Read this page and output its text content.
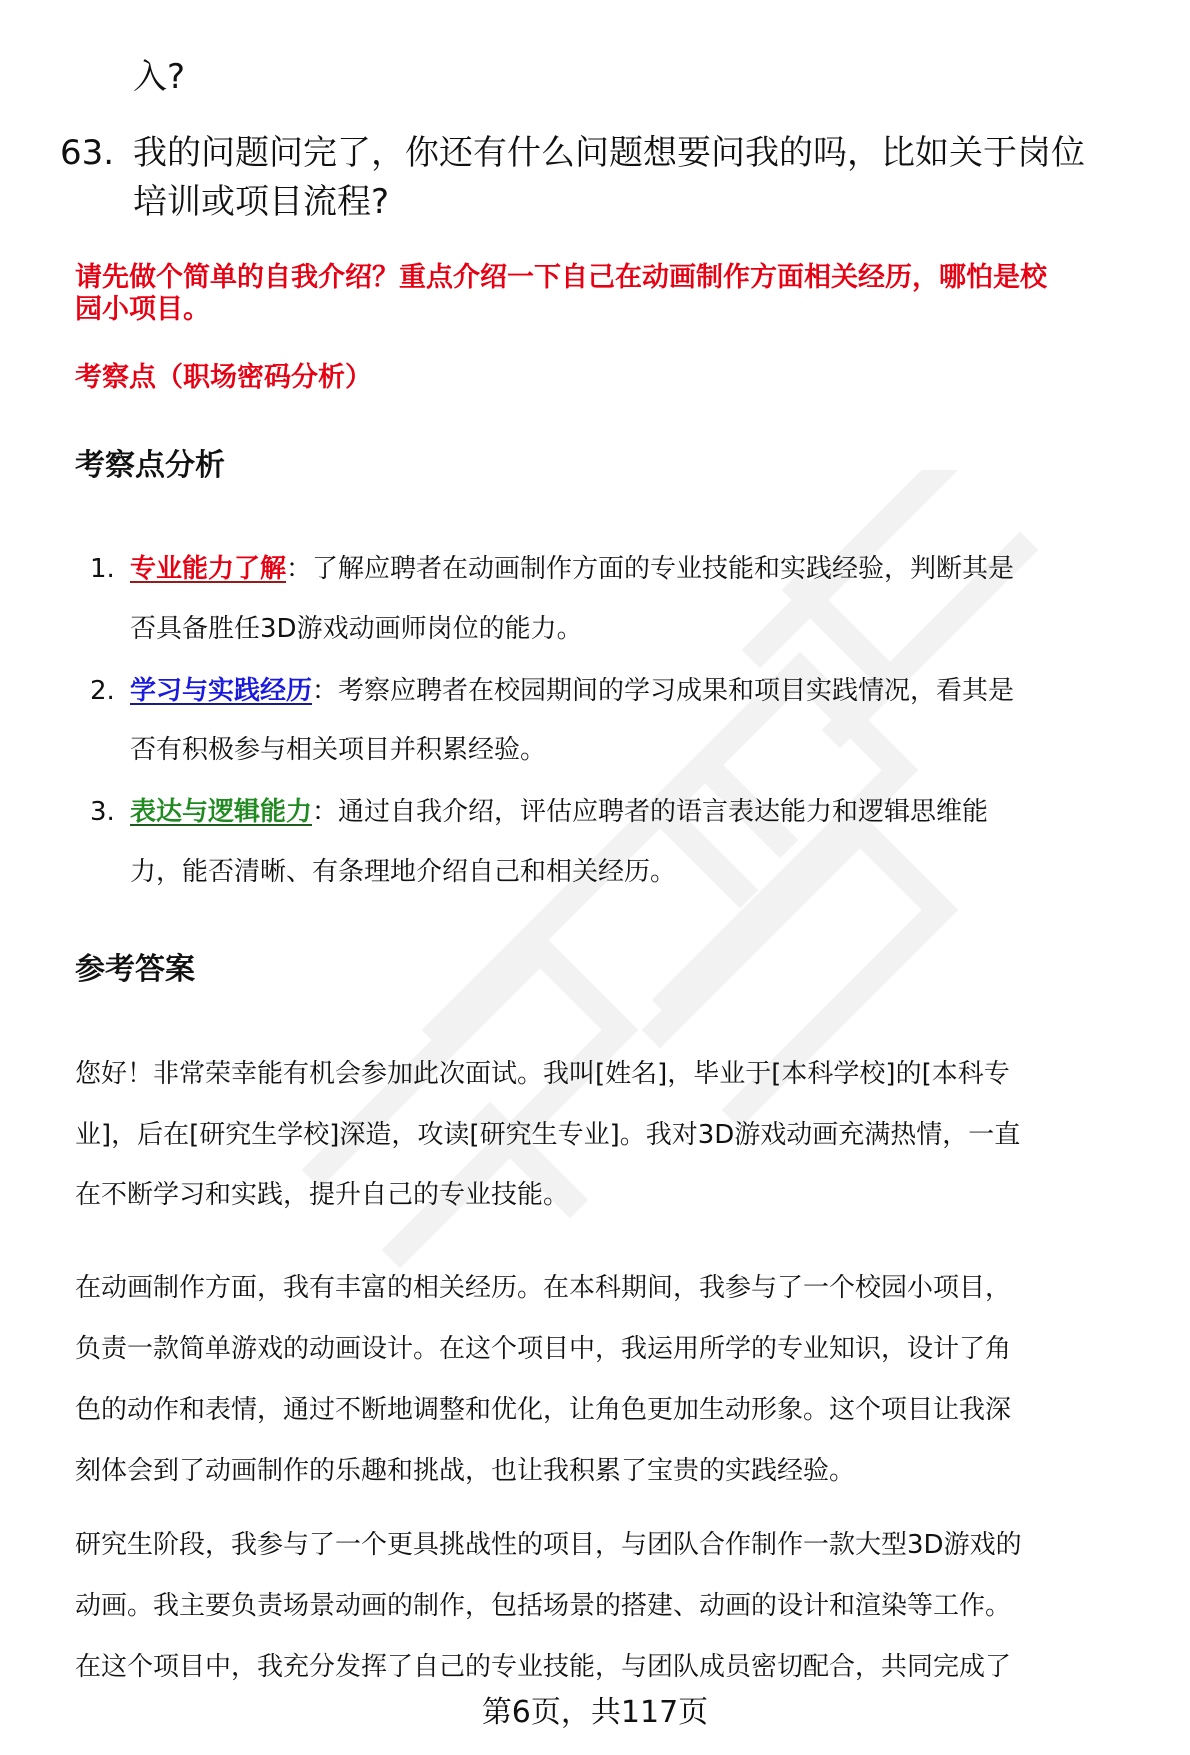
入?
63. 我的问题问完了，你还有什么问题想要问我的吗，比如关于岗位
培训或项目流程?
请先做个简单的自我介绍？重点介绍一下自己在动画制作方面相关经历，哪怕是校
园小项目。
考察点（职场密码分析）
考察点分析
1. 专业能力了解：了解应聘者在动画制作方面的专业技能和实践经验，判断其是
否具备胜任3D游戏动画师岗位的能力。
2. 学习与实践经历：考察应聘者在校园期间的学习成果和项目实践情况，看其是
否有积极参与相关项目并积累经验。
3. 表达与逻辑能力：通过自我介绍，评估应聘者的语言表达能力和逻辑思维能
力，能否清晰、有条理地介绍自己和相关经历。
参考答案
您好！非常荣幸能有机会参加此次面试。我叫[姓名]，毕业于[本科学校]的[本科专
业]，后在[研究生学校]深造，攻读[研究生专业]。我对3D游戏动画充满热情，一直
在不断学习和实践，提升自己的专业技能。
在动画制作方面，我有丰富的相关经历。在本科期间，我参与了一个校园小项目，
负责一款简单游戏的动画设计。在这个项目中，我运用所学的专业知识，设计了角
色的动作和表情，通过不断地调整和优化，让角色更加生动形象。这个项目让我深
刻体会到了动画制作的乐趣和挑战，也让我积累了宝贵的实践经验。
研究生阶段，我参与了一个更具挑战性的项目，与团队合作制作一款大型3D游戏的
动画。我主要负责场景动画的制作，包括场景的搭建、动画的设计和渲染等工作。
在这个项目中，我充分发挥了自己的专业技能，与团队成员密切配合，共同完成了
第6页，共117页
